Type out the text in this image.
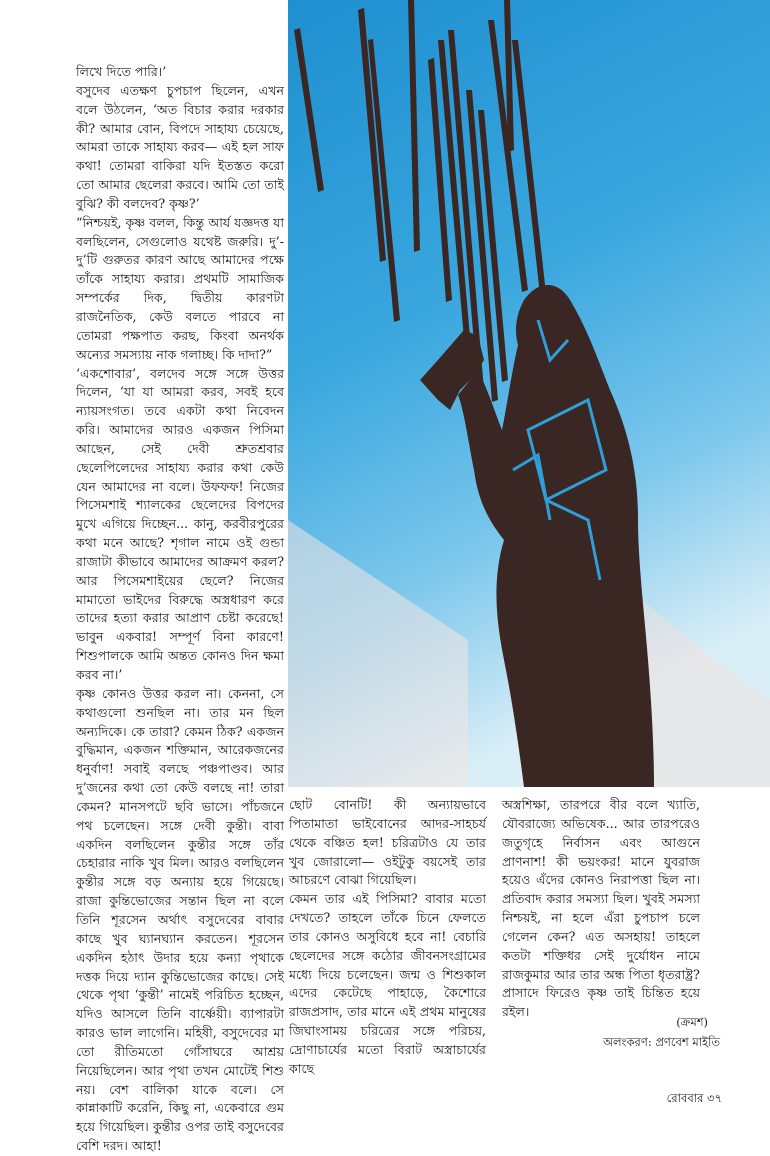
লিখে দিতে পারি।’
বসুদেব এতক্ষণ চুপচাপ ছিলেন, এখন বলে উঠলেন, ‘অত বিচার করার দরকার কী? আমার বোন, বিপদে সাহায্য চেয়েছে, আমরা তাকে সাহায্য করব— এই হল সাফ কথা! তোমরা বাকিরা যদি ইতস্তত করো তো আমার ছেলেরা করবে। আমি তো তাই বুঝি? কী বলদেব? কৃষ্ণ?’
“নিশ্চয়ই, কৃষ্ণ বলল, কিন্তু আর্য যজ্ঞদত্ত যা বলছিলেন, সেগুলোও যথেষ্ট জরুরি। দু’-দু’টি গুরুতর কারণ আছে আমাদের পক্ষে তাঁকে সাহায্য করার। প্রথমটি সামাজিক সম্পর্কের দিক, দ্বিতীয় কারণটা রাজনৈতিক, কেউ বলতে পারবে না তোমরা পক্ষপাত করছ, কিংবা অনর্থক অন্যের সমস্যায় নাক গলাচ্ছ। কি দাদা?”
‘একশোবার’, বলদেব সঙ্গে সঙ্গে উত্তর দিলেন, ‘যা যা আমরা করব, সবই হবে ন্যায়সংগত। তবে একটা কথা নিবেদন করি। আমাদের আরও একজন পিসিমা আছেন, সেই দেবী শ্রুতশ্রবার ছেলেপিলেদের সাহায্য করার কথা কেউ যেন আমাদের না বলে। উফফফ! নিজের পিসেমশাই শ্যালকের ছেলেদের বিপদের মুখে এগিয়ে দিচ্ছেন... কানু, করবীরপুরের কথা মনে আছে? শৃগাল নামে ওই গুন্ডা রাজাটা কীভাবে আমাদের আক্রমণ করল? আর পিসেমশাইয়ের ছেলে? নিজের মামাতো ভাইদের বিরুদ্ধে অস্ত্রধারণ করে তাদের হত্যা করার আপ্রাণ চেষ্টা করেছে! ভাবুন একবার! সম্পূর্ণ বিনা কারণে! শিশুপালকে আমি অন্তত কোনও দিন ক্ষমা করব না।’
কৃষ্ণ কোনও উত্তর করল না। কেননা, সে কথাগুলো শুনছিল না। তার মন ছিল অন্যদিকে। কে তারা? কেমন ঠিক? একজন বুদ্ধিমান, একজন শক্তিমান, আরেকজনের ধনুর্বাণ! সবাই বলছে পঞ্চপাণ্ডব। আর দু’জনের কথা তো কেউ বলছে না! তারা কেমন? মানসপটে ছবি ভাসে। পাঁচজনে পথ চলেছেন। সঙ্গে দেবী কুন্তী। বাবা একদিন বলছিলেন কুন্তীর সঙ্গে তাঁর চেহারার নাকি খুব মিল। আরও বলছিলেন কুন্তীর সঙ্গে বড় অন্যায় হয়ে গিয়েছে। রাজা কুন্তিভোজের সন্তান ছিল না বলে তিনি শূরসেন অর্থাৎ বসুদেবের বাবার কাছে খুব ঘ্যানঘ্যান করতেন। শূরসেন একদিন হঠাৎ উদার হয়ে কন্যা পৃথাকে দত্তক দিয়ে দ্যান কুন্তিভোজের কাছে। সেই থেকে পৃথা ‘কুন্তী’ নামেই পরিচিত হচ্ছেন, যদিও আসলে তিনি বার্ষ্ণেয়ী। ব্যাপারটা কারও ভাল লাগেনি। মহিষী, বসুদেবের মা তো রীতিমতো গোঁসাঘরে আশ্রয় নিয়েছিলেন। আর পৃথা তখন মোটেই শিশু নয়। বেশ বালিকা যাকে বলে। সে কান্নাকাটি করেনি, কিছু না, একেবারে গুম হয়ে গিয়েছিল। কুন্তীর ওপর তাই বসুদেবের বেশি দরদ। আহা!
ছোট বোনটি! কী অন্যায়ভাবে পিতামাতা ভাইবোনের আদর-সাহচর্য থেকে বঞ্চিত হল! চরিত্রটাও যে তার খুব জোরালো— ওইটুকু বয়সেই তার আচরণে বোঝা গিয়েছিল।
কেমন তার এই পিসিমা? বাবার মতো দেখতে? তাহলে তাঁকে চিনে ফেলতে তার কোনও অসুবিধে হবে না! বেচারি ছেলেদের সঙ্গে কঠোর জীবনসংগ্রামের মধ্যে দিয়ে চলেছেন। জন্ম ও শিশুকাল এদের কেটেছে পাহাড়ে, কৈশোরে রাজপ্রসাদ, তার মানে এই প্রথম মানুষের জিঘাংসাময় চরিত্রের সঙ্গে পরিচয়, দ্রোণাচার্যের মতো বিরাট অস্ত্রাচার্যের কাছে
অস্ত্রশিক্ষা, তারপরে বীর বলে খ্যাতি, যৌবরাজ্যে অভিষেক... আর তারপরেও জতুগৃহে নির্বাসন এবং আগুনে প্রাণনাশ! কী ভয়ংকর! মানে যুবরাজ হয়েও এঁদের কোনও নিরাপত্তা ছিল না। প্রতিবাদ করার সমস্যা ছিল। খুবই সমস্যা নিশ্চয়ই, না হলে এঁরা চুপচাপ চলে গেলেন কেন? এত অসহায়! তাহলে কতটা শক্তিধর সেই দুর্যোধন নামে রাজকুমার আর তার অন্ধ পিতা ধৃতরাষ্ট্র?
প্রাসাদে ফিরেও কৃষ্ণ তাই চিন্তিত হয়ে রইল।
(ক্রমশ)
অলংকরণ: প্রণবেশ মাইতি
রোববার ৩৭
